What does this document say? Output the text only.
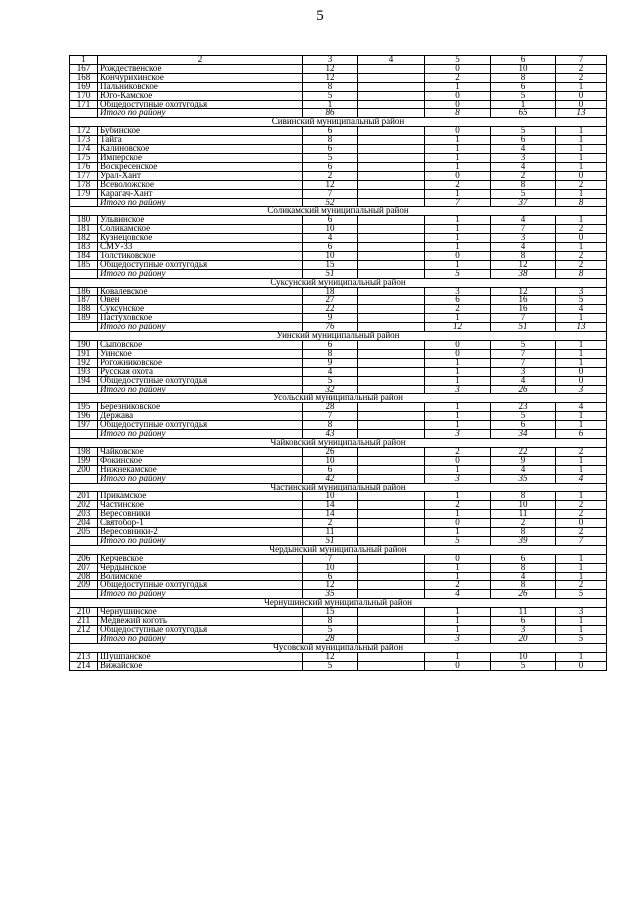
5
1	2	3	4	5	6	7
167	Рождественское	12		0	10	2
168	Кончурихинское	12		2	8	2
169	Пальниковское	8		1	6	1
170	Юго-Камское	5		0	5	0
171	Общедоступные охотугодья	1		0	1	0
	Итого по району	86		8	65	13
Сивинский муниципальный район						
172	Бубинское	6		0	5	1
173	Тайга	8		1	6	1
174	Калиновское	6		1	4	1
175	Имперское	5		1	3	1
176	Воскресенское	6		1	4	1
177	Урал-Хант	2		0	2	0
178	Всеволожское	12		2	8	2
179	Карагач-Хант	7		1	5	1
	Итого по району	52		7	37	8
Соликамский муниципальный район						
180	Ульвинское	6		1	4	1
181	Соликамское	10		1	7	2
182	Кузнецовское	4		1	3	0
183	СМУ-33	6		1	4	1
184	Толстиковское	10		0	8	2
185	Общедоступные охотугодья	15		1	12	2
	Итого по району	51		5	38	8
Суксунский муниципальный район						
186	Ковалевское	18		3	12	3
187	Овен	27		6	16	5
188	Суксунское	22		2	16	4
189	Пастуховское	9		1	7	1
	Итого по району	76		12	51	13
Уинский муниципальный район						
190	Сыповское	6		0	5	1
191	Уинское	8		0	7	1
192	Рогожниковское	9		1	7	1
193	Русская охота	4		1	3	0
194	Общедоступные охотугодья	5		1	4	0
	Итого по району	32		3	26	3
Усольский муниципальный район						
195	Березниковское	28		1	23	4
196	Держава	7		1	5	1
197	Общедоступные охотугодья	8		1	6	1
	Итого по району	43		3	34	6
Чайковский муниципальный район						
198	Чайковское	26		2	22	2
199	Фокинское	10		0	9	1
200	Нижнекамское	6		1	4	1
	Итого по району	42		3	35	4
Частинский муниципальный район						
201	Прикамское	10		1	8	1
202	Частинское	14		2	10	2
203	Вересовники	14		1	11	2
204	Святобор-1	2		0	2	0
205	Вересовники-2	11		1	8	2
	Итого по району	51		5	39	7
Чердынский муниципальный район						
206	Керчевское	7		0	6	1
207	Чердынское	10		1	8	1
208	Волимское	6		1	4	1
209	Общедоступные охотугодья	12		2	8	2
	Итого по району	35		4	26	5
Чернушинский муниципальный район						
210	Чернушинское	15		1	11	3
211	Медвежий коготь	8		1	6	1
212	Общедоступные охотугодья	5		1	3	1
	Итого по району	28		3	20	5
Чусовской муниципальный район						
213	Шушпанское	12		1	10	1
214	Вижайское	5		0	5	0
